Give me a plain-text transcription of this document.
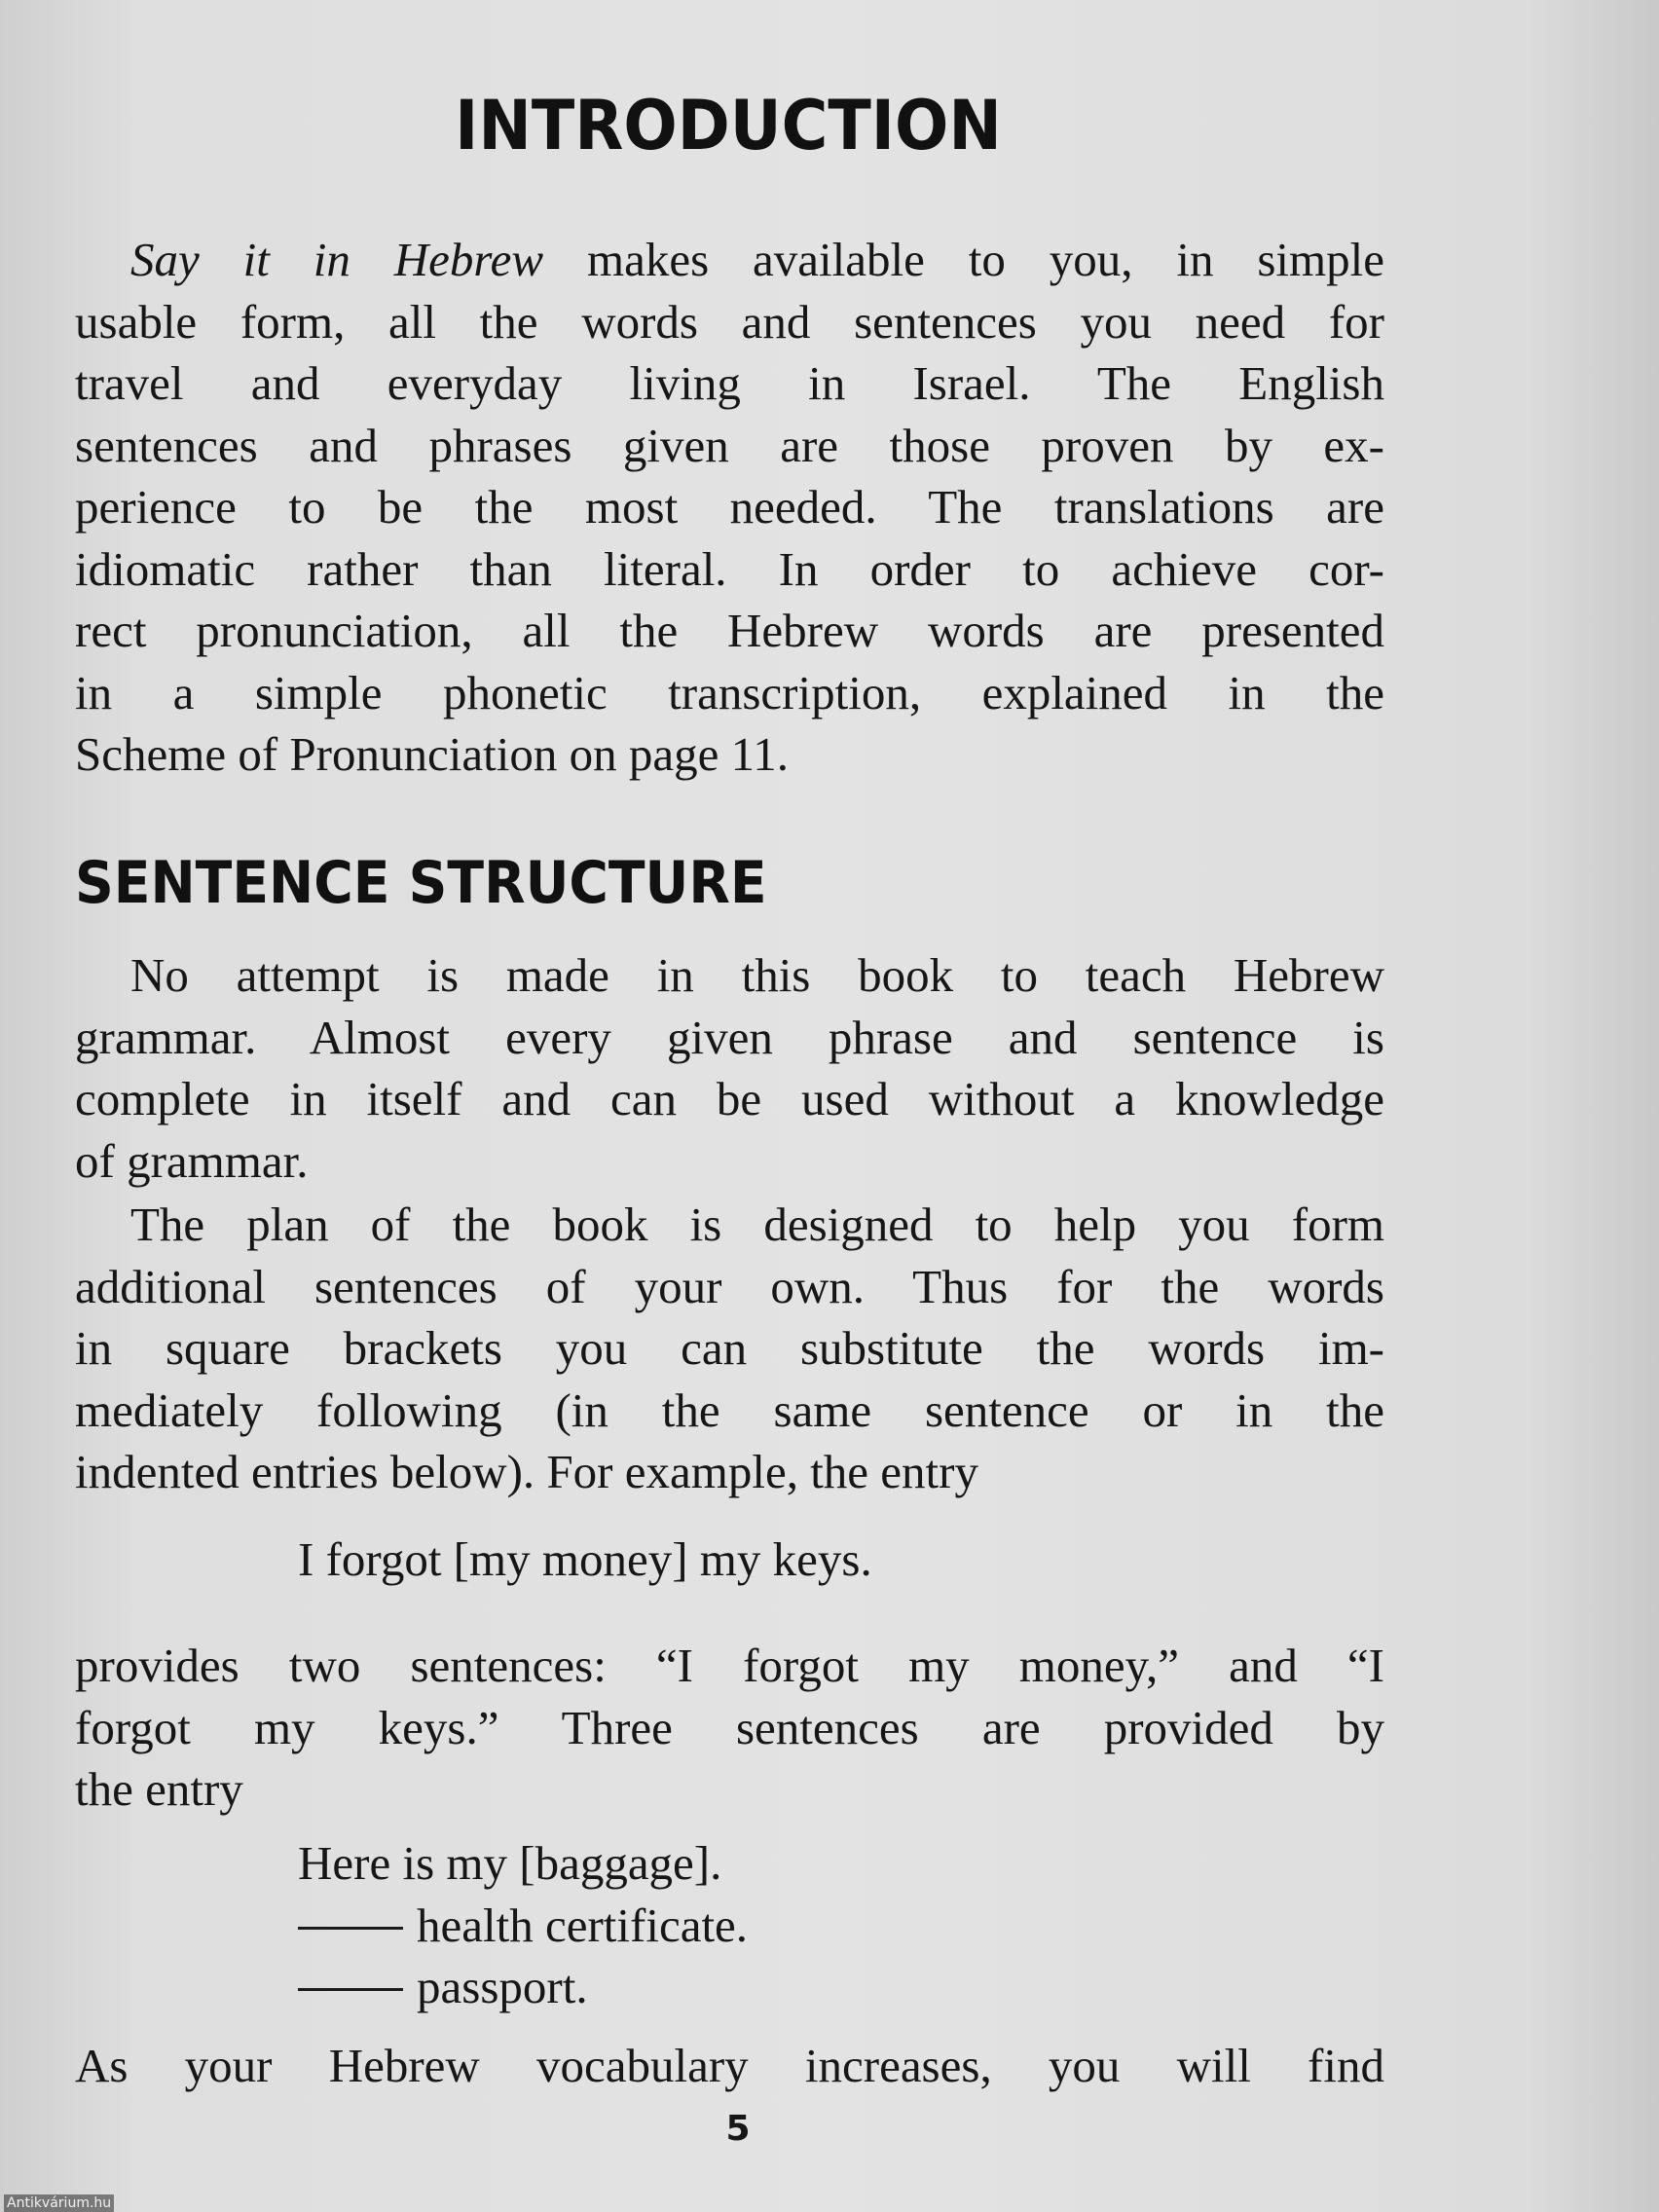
INTRODUCTION

Say it in Hebrew makes available to you, in simple
usable form, all the words and sentences you need for
travel and everyday living in Israel. The English
sentences and phrases given are those proven by ex-
perience to be the most needed. The translations are
idiomatic rather than literal. In order to achieve cor-
rect pronunciation, all the Hebrew words are presented
in a simple phonetic transcription, explained in the
Scheme of Pronunciation on page 11.

SENTENCE STRUCTURE

No attempt is made in this book to teach Hebrew
grammar. Almost every given phrase and sentence is
complete in itself and can be used without a knowledge
of grammar.

The plan of the book is designed to help you form
additional sentences of your own. Thus for the words
in square brackets you can substitute the words im-
mediately following (in the same sentence or in the
indented entries below). For example, the entry

I forgot [my money] my keys.

provides two sentences: “I forgot my money,” and “I
forgot my keys.” Three sentences are provided by
the entry

Here is my [baggage].
health certificate.
passport.

As your Hebrew vocabulary increases, you will find

5
Antikvárium.hu
